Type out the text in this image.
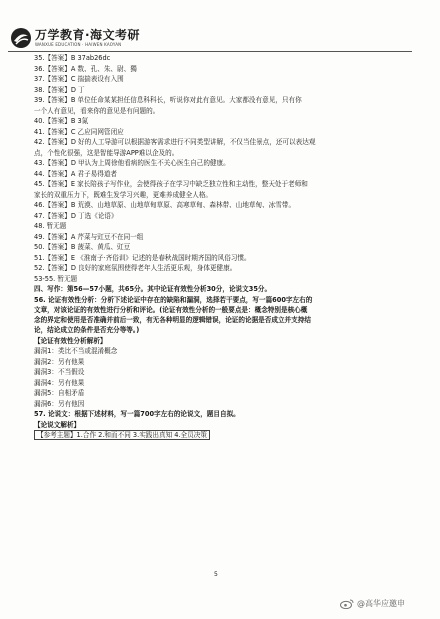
万学教育·海文考研
WANXUE EDUCATION · HAIWEN KAOYAN
35.【答案】B 37ab26dc
36.【答案】A 数、孔、朱、尉、獨
37.【答案】C 揣揣表设有入围
38.【答案】D 丁
39.【答案】B 单位任命某某担任信息科科长，听说你对此有意见。大家都没有意见，只有你
一个人有意见，看来你的意见是有问题的。
40.【答案】B 3氮
41.【答案】C 乙应同网管闭应
42.【答案】D 好的人工导游可以根据游客需求进行不同类型讲解，不仅当佳景点，还可以表达观
点，个性化很强，这是智能导游APP难以企及的。
43.【答案】D 甲认为上周徐他看病的医生不关心医生自己的健康。
44.【答案】A 君子易得道者
45.【答案】E 家长陪孩子写作业，会使得孩子在学习中缺乏独立性和主动性，整天处于老师和
家长的双重压力下，既难生发学习兴趣，更难养成健全人格。
46.【答案】B 荒漠、山地草原、山地草甸草原、高寒草甸、森林带、山地草甸、冰雪带。
47.【答案】D 丁选《论语》
48. 暂无题
49.【答案】A 芹菜与豇豆不在同一组
50.【答案】B 菠菜、黄瓜、豇豆
51.【答案】E 《淮南子·齐俗训》记述的是春秋战国时期齐国的风俗习惯。
52.【答案】D 良好的家庭氛围使得老年人生活更乐观，身体更健康。
53-55. 暂无题
四、写作：第56—57小题，共65分。其中论证有效性分析30分，论说文35分。
56. 论证有效性分析：分析下述论证中存在的缺陷和漏洞，选择若干要点，写一篇600字左右的
文章，对该论证的有效性进行分析和评论。(论证有效性分析的一般要点是：概念特别是核心概
念的界定和使用是否准确并前后一致，有无各种明显的逻辑错误，论证的论据是否成立并支持结
论，结论成立的条件是否充分等等。)
【论证有效性分析解析】
漏洞1：类比不当或混淆概念
漏洞2：另有他果
漏洞3：不当假设
漏洞4：另有他果
漏洞5：自相矛盾
漏洞6：另有他因
57. 论说文：根据下述材料，写一篇700字左右的论说文，题目自拟。
【论说文解析】
【参考主题】1.合作 2.和而不同 3.实践出真知 4.全员决策
5
@高华应邀申
